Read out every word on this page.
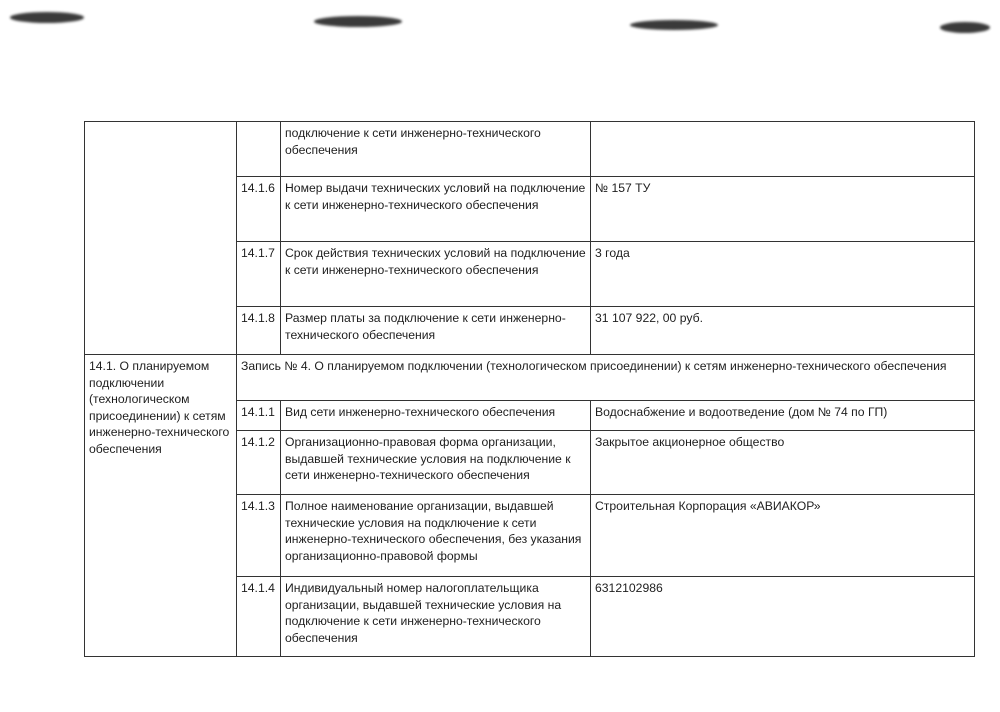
		подключение к сети инженерно-технического обеспечения	
	14.1.6	Номер выдачи технических условий на подключение к сети инженерно-технического обеспечения	№ 157 ТУ
	14.1.7	Срок действия технических условий на подключение к сети инженерно-технического обеспечения	3 года
	14.1.8	Размер платы за подключение к сети инженерно-технического обеспечения	31 107 922, 00 руб.
14.1. О планируемом подключении (технологическом присоединении) к сетям инженерно-технического обеспечения	Запись № 4. О планируемом подключении (технологическом присоединении) к сетям инженерно-технического обеспечения		
	14.1.1	Вид сети инженерно-технического обеспечения	Водоснабжение и водоотведение (дом № 74 по ГП)
	14.1.2	Организационно-правовая форма организации, выдавшей технические условия на подключение к сети инженерно-технического обеспечения	Закрытое акционерное общество
	14.1.3	Полное наименование организации, выдавшей технические условия на подключение к сети инженерно-технического обеспечения, без указания организационно-правовой формы	Строительная Корпорация «АВИАКОР»
	14.1.4	Индивидуальный номер налогоплательщика организации, выдавшей технические условия на подключение к сети инженерно-технического обеспечения	6312102986
